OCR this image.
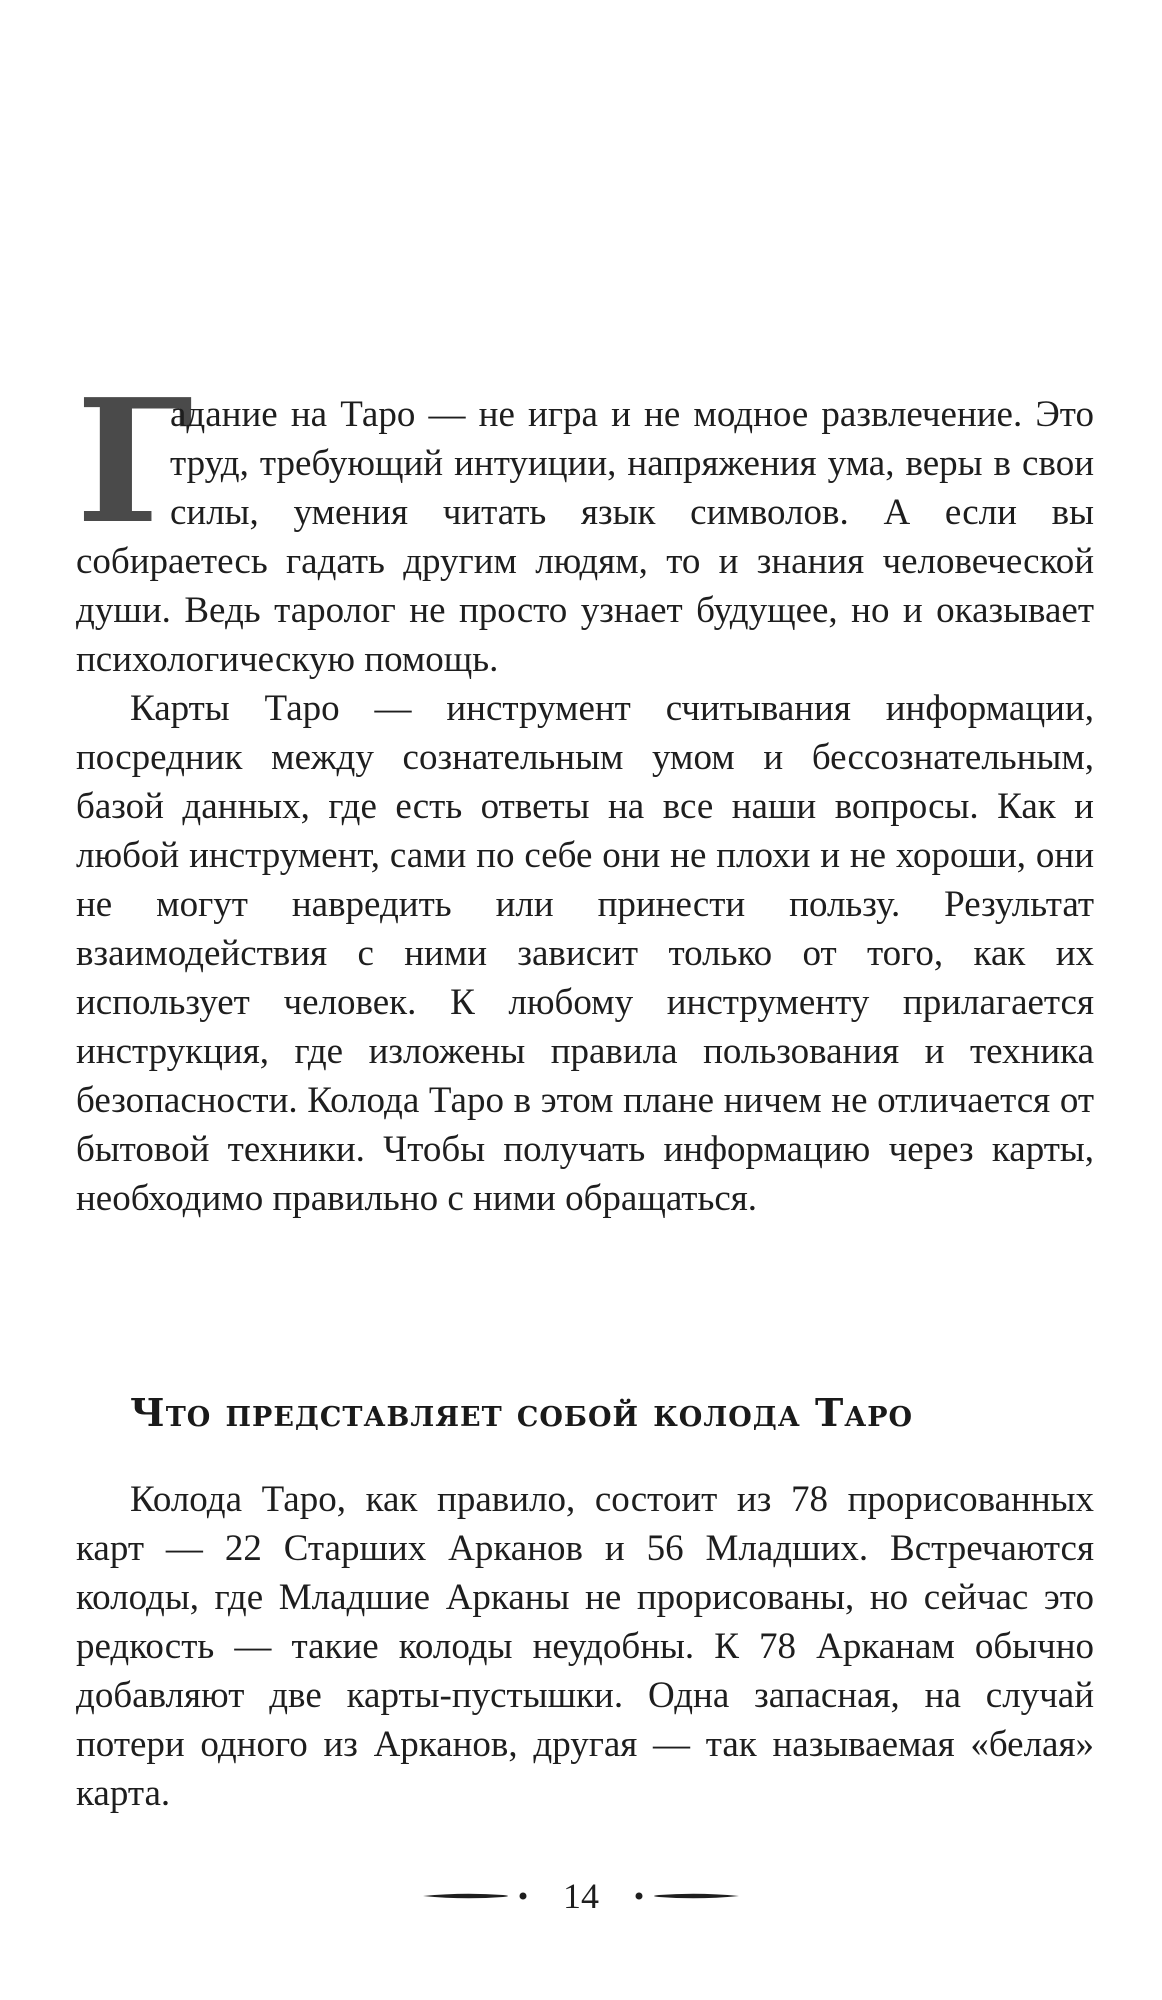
Г
адание на Таро — не игра и не модное развлечение. Это труд, требующий интуиции, напряжения ума, веры в свои силы, умения читать язык символов. А если вы собираетесь гадать другим людям, то и знания человеческой души. Ведь таролог не просто узнает будущее, но и оказывает психологическую помощь.

Карты Таро — инструмент считывания информации, посредник между сознательным умом и бессознательным, базой данных, где есть ответы на все наши вопросы. Как и любой инструмент, сами по себе они не плохи и не хороши, они не могут навредить или принести пользу. Результат взаимодействия с ними зависит только от того, как их использует человек. К любому инструменту прилагается инструкция, где изложены правила пользования и техника безопасности. Колода Таро в этом плане ничем не отличается от бытовой техники. Чтобы получать информацию через карты, необходимо правильно с ними обращаться.

Что представляет собой колода Таро

Колода Таро, как правило, состоит из 78 прорисованных карт — 22 Старших Арканов и 56 Младших. Встречаются колоды, где Младшие Арканы не прорисованы, но сейчас это редкость — такие колоды неудобны. К 78 Арканам обычно добавляют две карты-пустышки. Одна запасная, на случай потери одного из Арканов, другая — так называемая «белая» карта.

14
